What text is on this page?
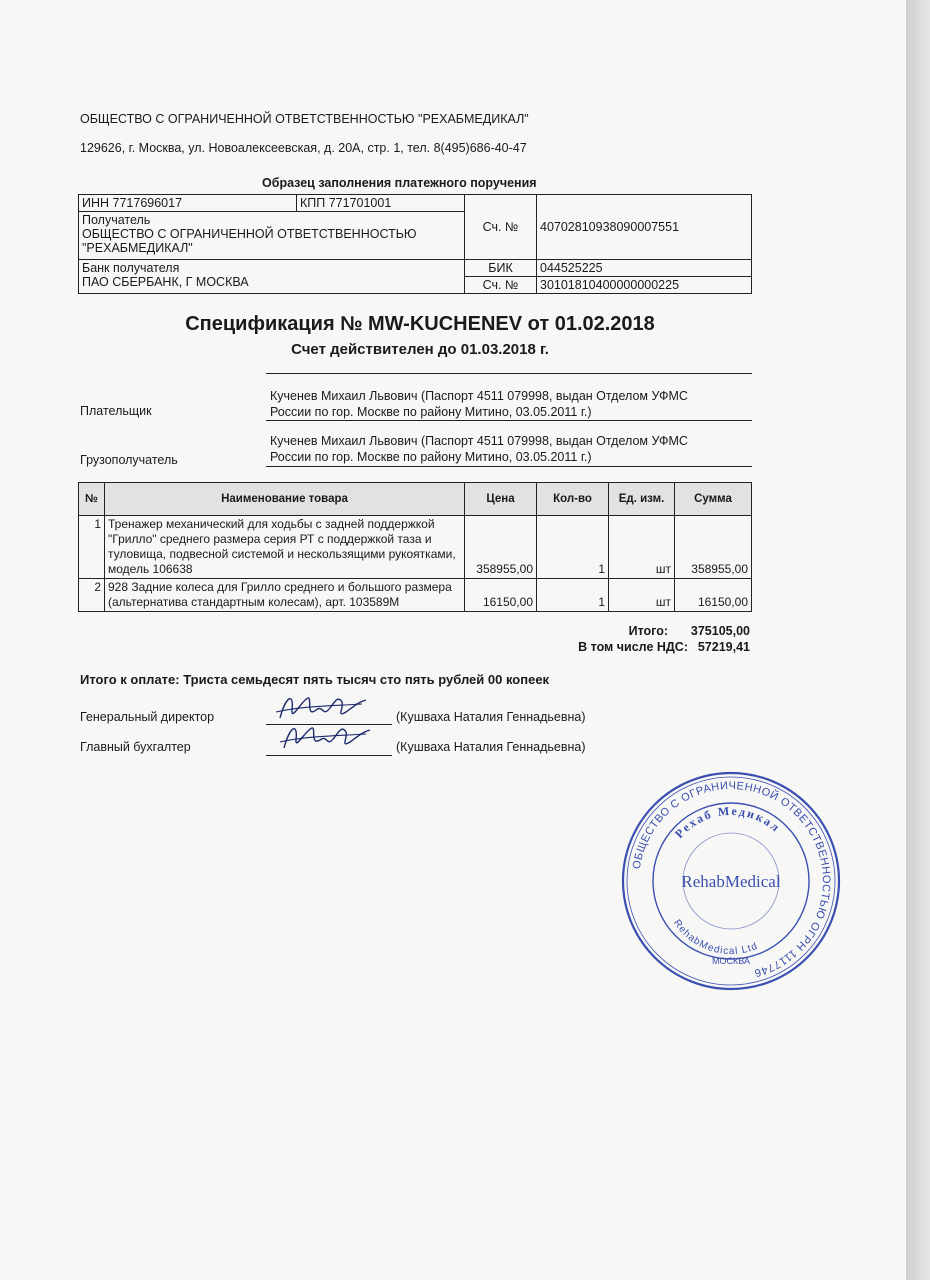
ОБЩЕСТВО С ОГРАНИЧЕННОЙ ОТВЕТСТВЕННОСТЬЮ "РЕХАБМЕДИКАЛ"
129626, г. Москва, ул. Новоалексеевская, д. 20А, стр. 1, тел. 8(495)686-40-47
Образец заполнения платежного поручения
ИНН 7717696017	КПП 771701001	Сч. №	40702810938090007551

Получатель
ОБЩЕСТВО С ОГРАНИЧЕННОЙ ОТВЕТСТВЕННОСТЬЮ
"РЕХАБМЕДИКАЛ"			

Банк получателя
ПАО СБЕРБАНК, Г МОСКВА		БИК	044525225
		Сч. №	30101810400000000225
Спецификация № MW-KUCHENEV от 01.02.2018
Счет действителен до 01.03.2018 г.
Плательщик
Кученев Михаил Львович (Паспорт 4511 079998, выдан Отделом УФМС
России по гор. Москве по району Митино, 03.05.2011 г.)
Грузополучатель
Кученев Михаил Львович (Паспорт 4511 079998, выдан Отделом УФМС
России по гор. Москве по району Митино, 03.05.2011 г.)
№	Наименование товара	Цена	Кол-во	Ед. изм.	Сумма
1	Тренажер механический для ходьбы с задней поддержкой
"Грилло" среднего размера серия РТ с поддержкой таза и
туловища, подвесной системой и нескользящими рукоятками,
модель 106638	358955,00	1	шт	358955,00
2	928 Задние колеса для Грилло среднего и большого размера
(альтернатива стандартным колесам), арт. 103589М	16150,00	1	шт	16150,00
Итого:	375105,00
В том числе НДС: 57219,41
Итого к оплате: Триста семьдесят пять тысяч сто пять рублей 00 копеек
Генеральный директор	(Кушваха Наталия Геннадьевна)
Главный бухгалтер	(Кушваха Наталия Геннадьевна)
ОБЩЕСТВО С ОГРАНИЧЕННОЙ ОТВЕТСТВЕННОСТЬЮ ОГРН 1117746
Рехаб Медикал
RehabMedical Ltd
RehabMedical
МОСКВА
